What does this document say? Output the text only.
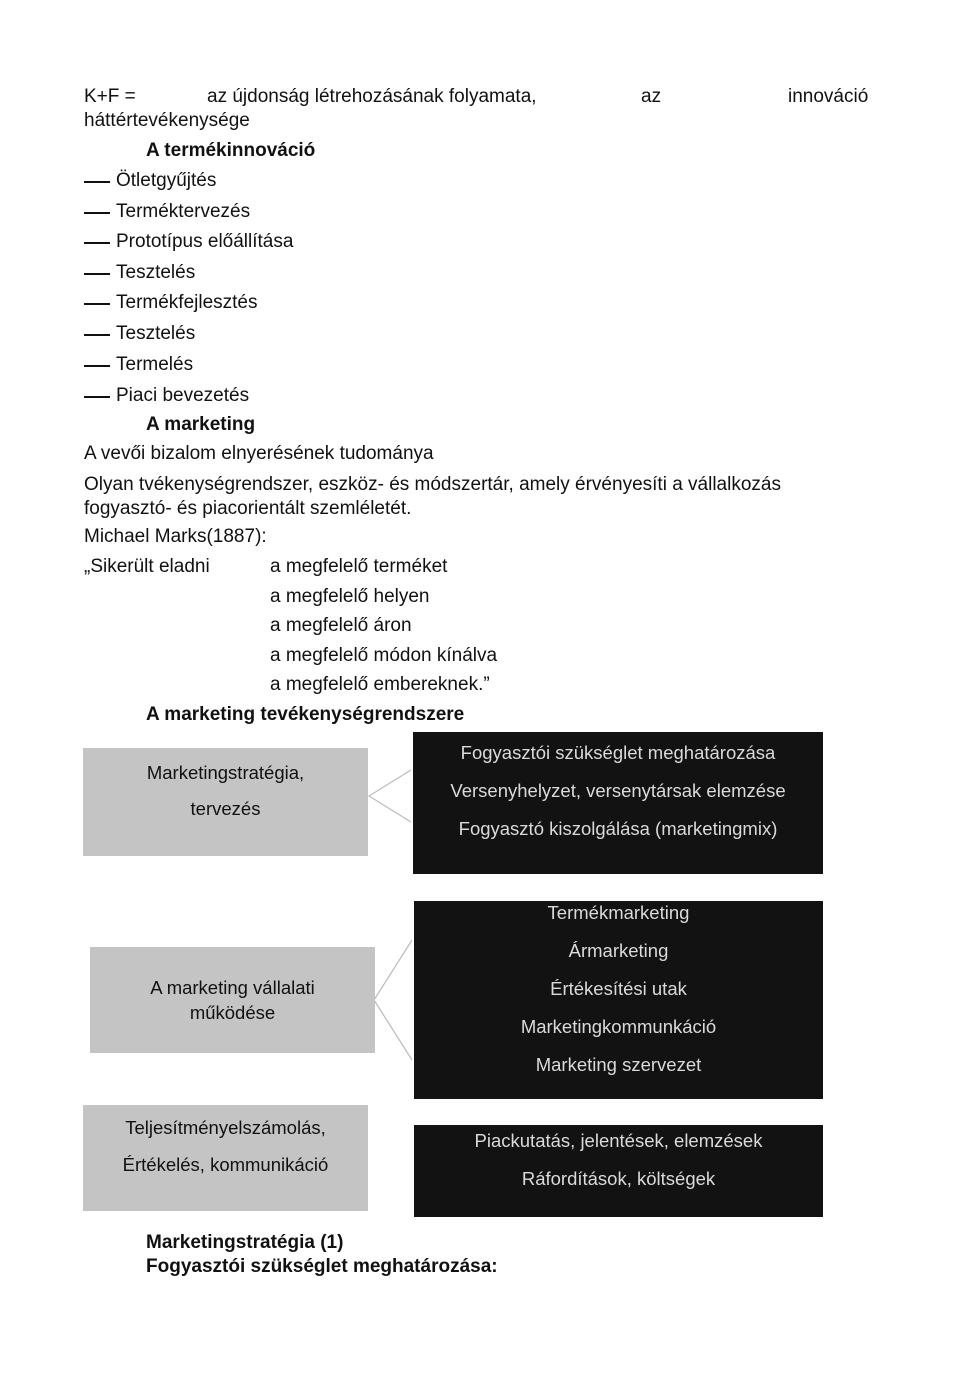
K+F =	az újdonság létrehozásának folyamata,	az	innováció
háttértevékenysége
A termékinnováció
Ötletgyűjtés
Terméktervezés
Prototípus előállítása
Tesztelés
Termékfejlesztés
Tesztelés
Termelés
Piaci bevezetés
A marketing
A vevői bizalom elnyerésének tudománya
Olyan tvékenységrendszer, eszköz- és módszertár, amely érvényesíti a vállalkozás
fogyasztó- és piacorientált szemléletét.
Michael Marks(1887):
„Sikerült eladni	a megfelelő terméket
a megfelelő helyen
a megfelelő áron
a megfelelő módon kínálva
a megfelelő embereknek.”
A marketing tevékenységrendszere
Marketingstratégia,
tervezés
Fogyasztói szükséglet meghatározása
Versenyhelyzet, versenytársak elemzése
Fogyasztó kiszolgálása (marketingmix)
A marketing vállalati
működése
Termékmarketing
Ármarketing
Értékesítési utak
Marketingkommunkáció
Marketing szervezet
Teljesítményelszámolás,
Értékelés, kommunikáció
Piackutatás, jelentések, elemzések
Ráfordítások, költségek
Marketingstratégia (1)
Fogyasztói szükséglet meghatározása:
